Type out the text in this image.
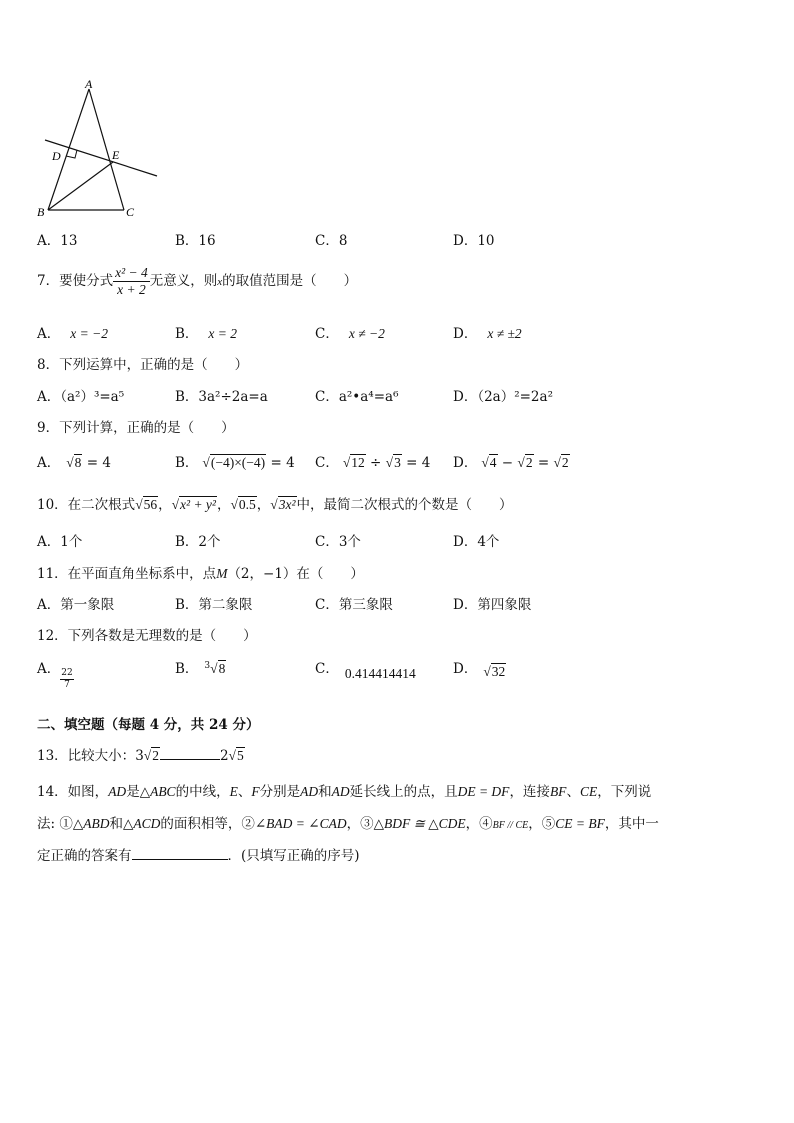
A
D	E
B	C
A．13	B．16	C．8	D．10
7．要使分式 $\frac{\text{x² − 4}}{x + 2}$ 无意义，则x的取值范围是（　　）
A． x = −2	B． x = 2	C． x ≠ −2	D． x ≠ ±2
8．下列运算中，正确的是（　　）
A．（a²）³=a⁵	B．3a²÷2a=a	C．a²•a⁴=a⁶	D．（2a）²=2a²
9．下列计算，正确的是（　　）
A． √8 = 4	B． √(−4)×(−4) = 4 C． √12 ÷ √3 = 4 D． √4 − √2 = √2
10．在二次根式√56，√x² + y²，√0.5，√3x²中，最简二次根式的个数是（　　）
A．1个	B．2个	C．3个	D．4个
11．在平面直角坐标系中，点M（2，−1）在（　　）
A．第一象限	B．第二象限	C．第三象限	D．第四象限
12．下列各数是无理数的是（　　）
A． 22
7
B． $^3$√8	C． 0.414414414	D． √32
二、填空题（每题 4 分，共 24 分）
13．比较大小：3√2	2√5
14．如图，AD是△ABC的中线，E、F分别是AD和AD延长线上的点，且DE = DF，连接BF、CE，下列说
法: ①△ABD和△ACD的面积相等，②∠BAD = ∠CAD，③△BDF ≅ △CDE，④BF // CE，⑤CE = BF，其中一
定正确的答案有	．(只填写正确的序号)
